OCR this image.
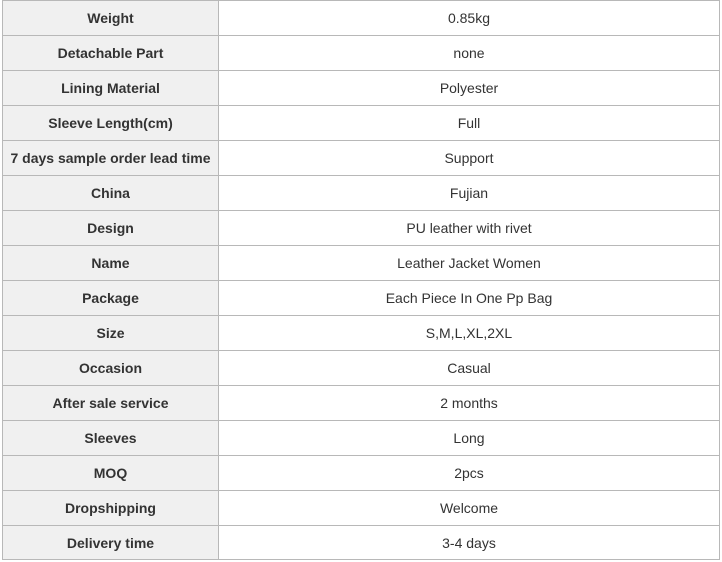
Weight	0.85kg
Detachable Part	none
Lining Material	Polyester
Sleeve Length(cm)	Full
7 days sample order lead time	Support
China	Fujian
Design	PU leather with rivet
Name	Leather Jacket Women
Package	Each Piece In One Pp Bag
Size	S,M,L,XL,2XL
Occasion	Casual
After sale service	2 months
Sleeves	Long
MOQ	2pcs
Dropshipping	Welcome
Delivery time	3-4 days
